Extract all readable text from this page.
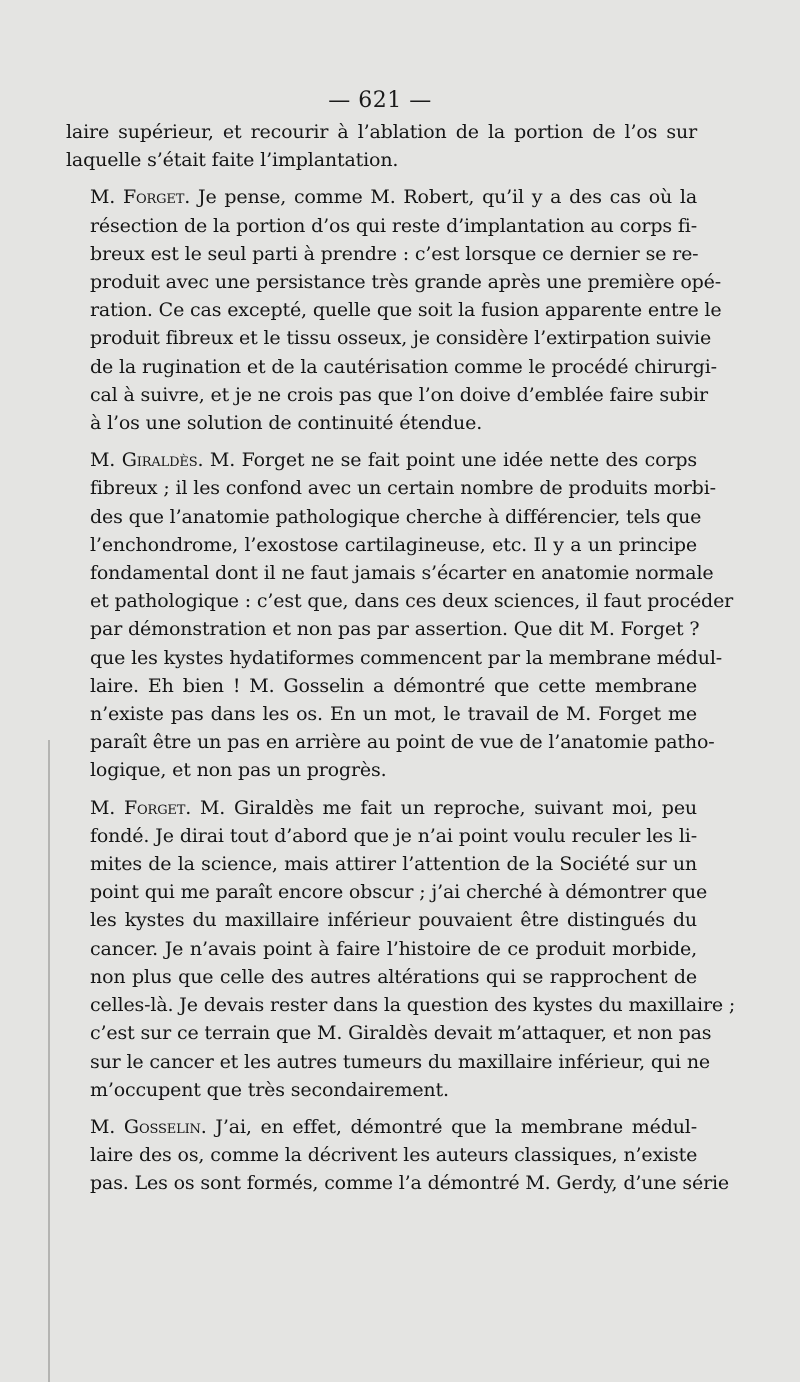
— 621 —

laire supérieur, et recourir à l’ablation de la portion de l’os sur
laquelle s’était faite l’implantation.

M. Forget. Je pense, comme M. Robert, qu’il y a des cas où la
résection de la portion d’os qui reste d’implantation au corps fi-
breux est le seul parti à prendre : c’est lorsque ce dernier se re-
produit avec une persistance très grande après une première opé-
ration. Ce cas excepté, quelle que soit la fusion apparente entre le
produit fibreux et le tissu osseux, je considère l’extirpation suivie
de la rugination et de la cautérisation comme le procédé chirurgi-
cal à suivre, et je ne crois pas que l’on doive d’emblée faire subir
à l’os une solution de continuité étendue.

M. Giraldès. M. Forget ne se fait point une idée nette des corps
fibreux ; il les confond avec un certain nombre de produits morbi-
des que l’anatomie pathologique cherche à différencier, tels que
l’enchondrome, l’exostose cartilagineuse, etc. Il y a un principe
fondamental dont il ne faut jamais s’écarter en anatomie normale
et pathologique : c’est que, dans ces deux sciences, il faut procéder
par démonstration et non pas par assertion. Que dit M. Forget ?
que les kystes hydatiformes commencent par la membrane médul-
laire. Eh bien ! M. Gosselin a démontré que cette membrane
n’existe pas dans les os. En un mot, le travail de M. Forget me
paraît être un pas en arrière au point de vue de l’anatomie patho-
logique, et non pas un progrès.

M. Forget. M. Giraldès me fait un reproche, suivant moi, peu
fondé. Je dirai tout d’abord que je n’ai point voulu reculer les li-
mites de la science, mais attirer l’attention de la Société sur un
point qui me paraît encore obscur ; j’ai cherché à démontrer que
les kystes du maxillaire inférieur pouvaient être distingués du
cancer. Je n’avais point à faire l’histoire de ce produit morbide,
non plus que celle des autres altérations qui se rapprochent de
celles-là. Je devais rester dans la question des kystes du maxillaire ;
c’est sur ce terrain que M. Giraldès devait m’attaquer, et non pas
sur le cancer et les autres tumeurs du maxillaire inférieur, qui ne
m’occupent que très secondairement.

M. Gosselin. J’ai, en effet, démontré que la membrane médul-
laire des os, comme la décrivent les auteurs classiques, n’existe
pas. Les os sont formés, comme l’a démontré M. Gerdy, d’une série
